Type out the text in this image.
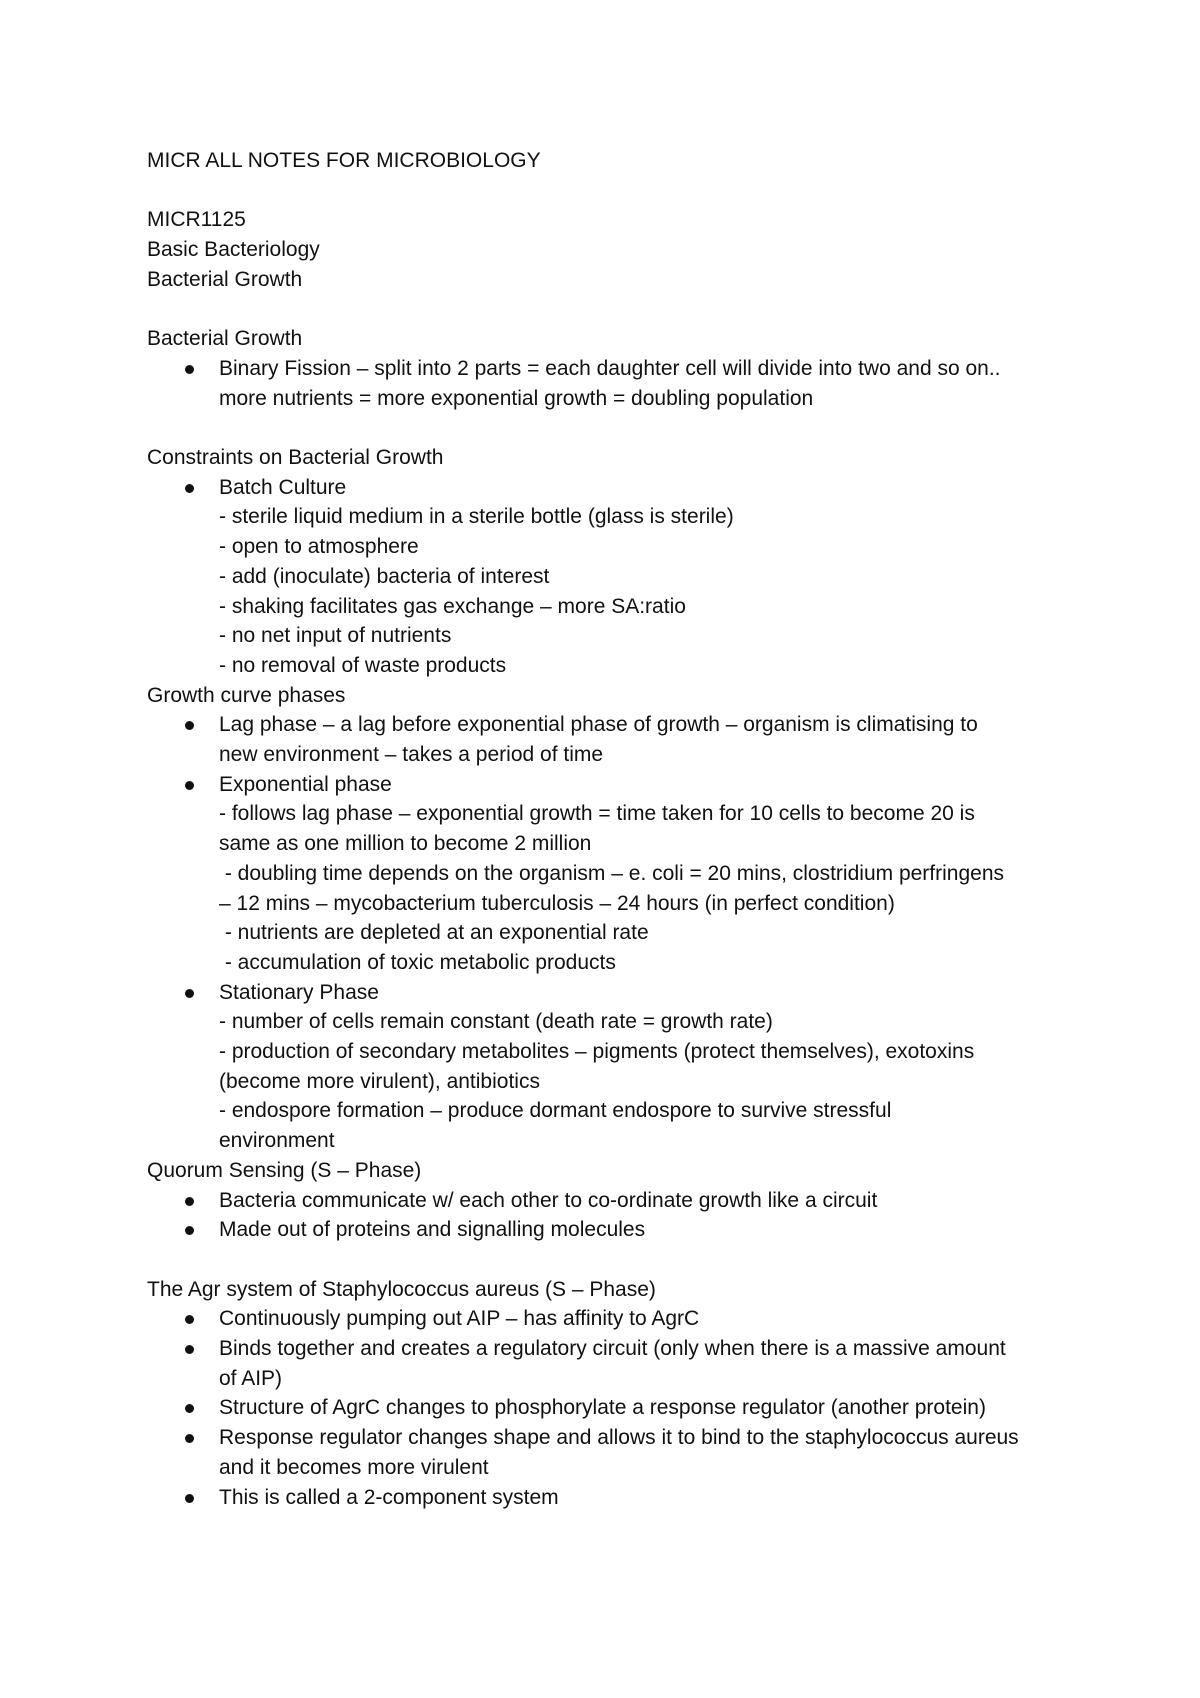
MICR ALL NOTES FOR MICROBIOLOGY
MICR1125
Basic Bacteriology
Bacterial Growth
Bacterial Growth
Binary Fission – split into 2 parts = each daughter cell will divide into two and so on..
more nutrients = more exponential growth = doubling population
Constraints on Bacterial Growth
Batch Culture
- sterile liquid medium in a sterile bottle (glass is sterile)
- open to atmosphere
- add (inoculate) bacteria of interest
- shaking facilitates gas exchange – more SA:ratio
- no net input of nutrients
- no removal of waste products
Growth curve phases
Lag phase – a lag before exponential phase of growth – organism is climatising to
new environment – takes a period of time
Exponential phase
- follows lag phase – exponential growth = time taken for 10 cells to become 20 is
same as one million to become 2 million
- doubling time depends on the organism – e. coli = 20 mins, clostridium perfringens
– 12 mins – mycobacterium tuberculosis – 24 hours (in perfect condition)
- nutrients are depleted at an exponential rate
- accumulation of toxic metabolic products
Stationary Phase
- number of cells remain constant (death rate = growth rate)
- production of secondary metabolites – pigments (protect themselves), exotoxins
(become more virulent), antibiotics
- endospore formation – produce dormant endospore to survive stressful
environment
Quorum Sensing (S – Phase)
Bacteria communicate w/ each other to co-ordinate growth like a circuit
Made out of proteins and signalling molecules
The Agr system of Staphylococcus aureus (S – Phase)
Continuously pumping out AIP – has affinity to AgrC
Binds together and creates a regulatory circuit (only when there is a massive amount
of AIP)
Structure of AgrC changes to phosphorylate a response regulator (another protein)
Response regulator changes shape and allows it to bind to the staphylococcus aureus
and it becomes more virulent
This is called a 2-component system
